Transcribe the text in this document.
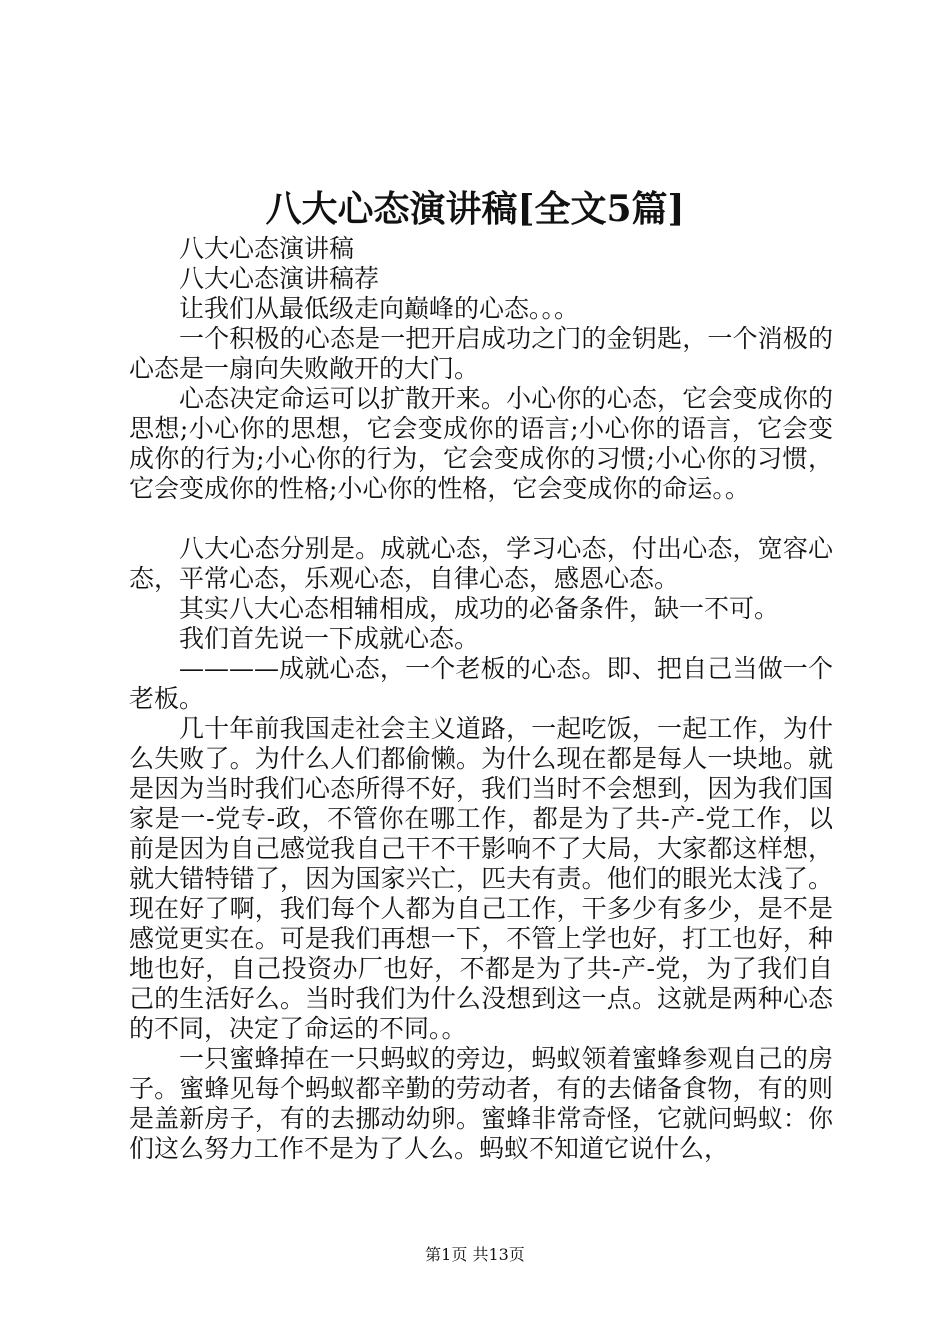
八大心态演讲稿[全文5篇]

八大心态演讲稿

八大心态演讲稿荐

让我们从最低级走向巅峰的心态。。。

一个积极的心态是一把开启成功之门的金钥匙，一个消极的心态是一扇向失败敞开的大门。

心态决定命运可以扩散开来。小心你的心态，它会变成你的思想;小心你的思想，它会变成你的语言;小心你的语言，它会变成你的行为;小心你的行为，它会变成你的习惯;小心你的习惯，它会变成你的性格;小心你的性格，它会变成你的命运。。

八大心态分别是。成就心态，学习心态，付出心态，宽容心态，平常心态，乐观心态，自律心态，感恩心态。

其实八大心态相辅相成，成功的必备条件，缺一不可。

我们首先说一下成就心态。

————成就心态，一个老板的心态。即、把自己当做一个老板。

几十年前我国走社会主义道路，一起吃饭，一起工作，为什么失败了。为什么人们都偷懒。为什么现在都是每人一块地。就是因为当时我们心态所得不好，我们当时不会想到，因为我们国家是一-党专-政，不管你在哪工作，都是为了共-产-党工作，以前是因为自己感觉我自己干不干影响不了大局，大家都这样想，就大错特错了，因为国家兴亡，匹夫有责。他们的眼光太浅了。现在好了啊，我们每个人都为自己工作，干多少有多少，是不是感觉更实在。可是我们再想一下，不管上学也好，打工也好，种地也好，自己投资办厂也好，不都是为了共-产-党，为了我们自己的生活好么。当时我们为什么没想到这一点。这就是两种心态的不同，决定了命运的不同。。

一只蜜蜂掉在一只蚂蚁的旁边，蚂蚁领着蜜蜂参观自己的房子。蜜蜂见每个蚂蚁都辛勤的劳动者，有的去储备食物，有的则是盖新房子，有的去挪动幼卵。蜜蜂非常奇怪，它就问蚂蚁：你们这么努力工作不是为了人么。蚂蚁不知道它说什么，

第1页 共13页
